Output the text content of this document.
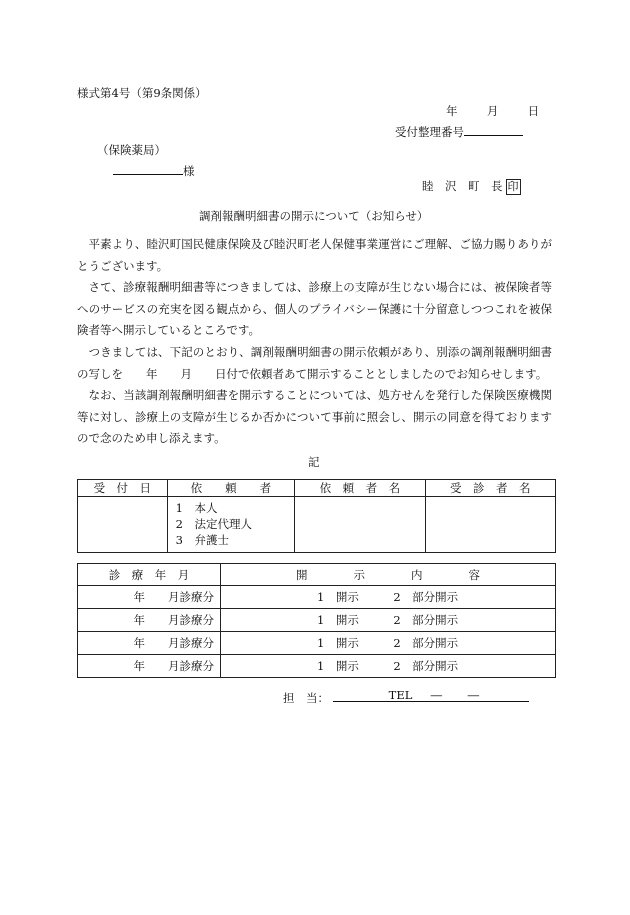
様式第4号（第9条関係）
年	月	日
受付整理番号
（保険薬局）
様
睦　沢　町　長 印
調剤報酬明細書の開示について（お知らせ）
平素より、睦沢町国民健康保険及び睦沢町老人保健事業運営にご理解、ご協力賜りありがとうございます。
さて、診療報酬明細書等につきましては、診療上の支障が生じない場合には、被保険者等へのサービスの充実を図る観点から、個人のプライバシー保護に十分留意しつつこれを被保険者等へ開示しているところです。
つきましては、下記のとおり、調剤報酬明細書の開示依頼があり、別添の調剤報酬明細書の写しを　　年　　月　　日付で依頼者あて開示することとしましたのでお知らせします。
なお、当該調剤報酬明細書を開示することについては、処方せんを発行した保険医療機関等に対し、診療上の支障が生じるか否かについて事前に照会し、開示の同意を得ておりますので念のため申し添えます。
記
受　付　日	依　　頼　　者	依　頼　者　名	受　診　者　名

	1　本人
2　法定代理人
3　弁護士		

診　療　年　月	開　　　　示　　　　内　　　　容
年　　月診療分	1　開示　　　2　部分開示
年　　月診療分	1　開示　　　2　部分開示
年　　月診療分	1　開示　　　2　部分開示
年　　月診療分	1　開示　　　2　部分開示
担　当：	TEL ― ―
